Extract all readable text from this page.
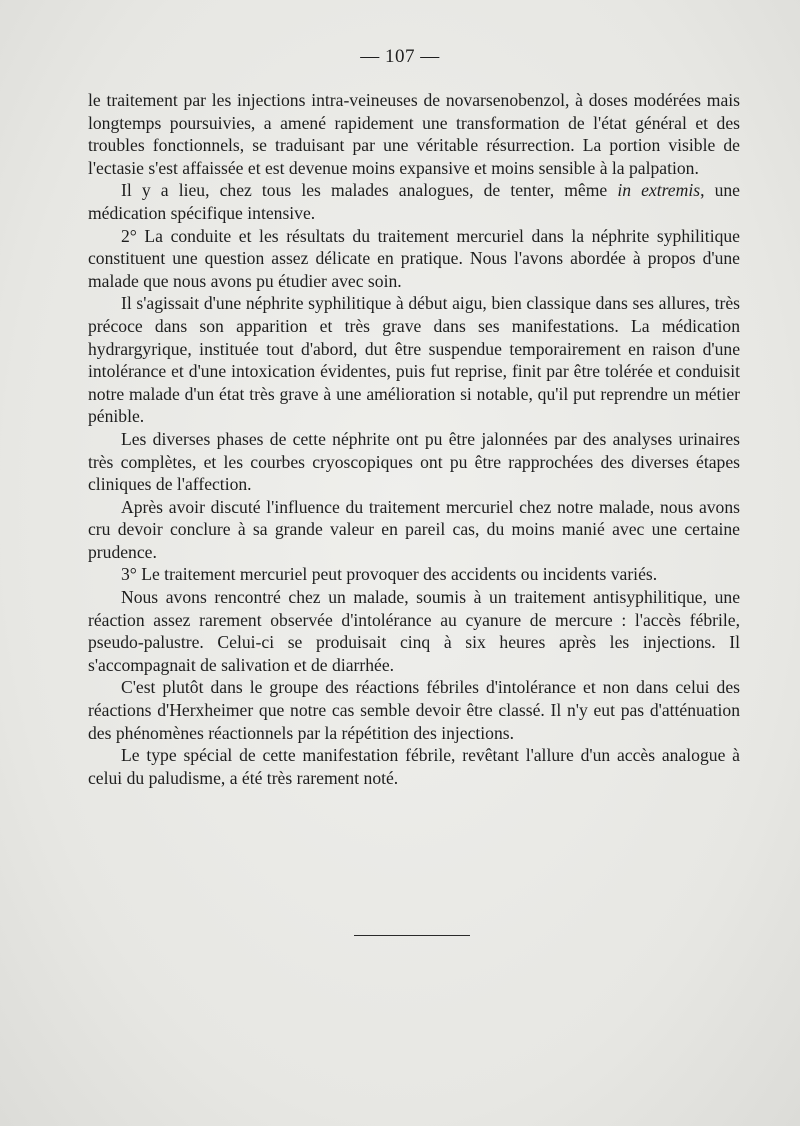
— 107 —

le traitement par les injections intra-veineuses de novarsenobenzol, à doses modérées mais longtemps poursuivies, a amené rapidement une transformation de l'état général et des troubles fonctionnels, se traduisant par une véritable résurrection. La portion visible de l'ectasie s'est affaissée et est devenue moins expansive et moins sensible à la palpation.

Il y a lieu, chez tous les malades analogues, de tenter, même in extremis, une médication spécifique intensive.

2° La conduite et les résultats du traitement mercuriel dans la néphrite syphilitique constituent une question assez délicate en pratique. Nous l'avons abordée à propos d'une malade que nous avons pu étudier avec soin.

Il s'agissait d'une néphrite syphilitique à début aigu, bien classique dans ses allures, très précoce dans son apparition et très grave dans ses manifestations. La médication hydrargyrique, instituée tout d'abord, dut être suspendue temporairement en raison d'une intolérance et d'une intoxication évidentes, puis fut reprise, finit par être tolérée et conduisit notre malade d'un état très grave à une amélioration si notable, qu'il put reprendre un métier pénible.

Les diverses phases de cette néphrite ont pu être jalonnées par des analyses urinaires très complètes, et les courbes cryoscopiques ont pu être rapprochées des diverses étapes cliniques de l'affection.

Après avoir discuté l'influence du traitement mercuriel chez notre malade, nous avons cru devoir conclure à sa grande valeur en pareil cas, du moins manié avec une certaine prudence.

3° Le traitement mercuriel peut provoquer des accidents ou incidents variés.

Nous avons rencontré chez un malade, soumis à un traitement antisyphilitique, une réaction assez rarement observée d'intolérance au cyanure de mercure : l'accès fébrile, pseudo-palustre. Celui-ci se produisait cinq à six heures après les injections. Il s'accompagnait de salivation et de diarrhée.

C'est plutôt dans le groupe des réactions fébriles d'intolérance et non dans celui des réactions d'Herxheimer que notre cas semble devoir être classé. Il n'y eut pas d'atténuation des phénomènes réactionnels par la répétition des injections.

Le type spécial de cette manifestation fébrile, revêtant l'allure d'un accès analogue à celui du paludisme, a été très rarement noté.
